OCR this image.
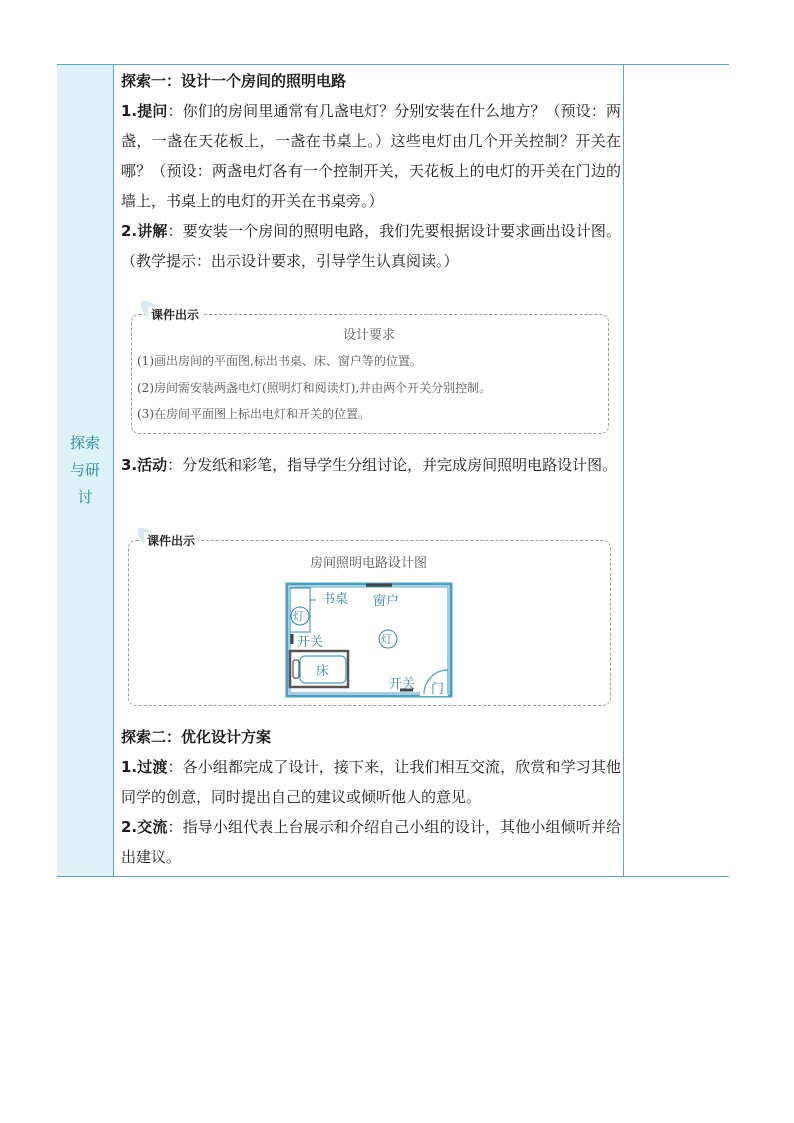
探索
与研
讨

探索一：设计一个房间的照明电路

1.提问：你们的房间里通常有几盏电灯？分别安装在什么地方？（预设：两盏，一盏在天花板上，一盏在书桌上。）这些电灯由几个开关控制？开关在哪？（预设：两盏电灯各有一个控制开关，天花板上的电灯的开关在门边的墙上，书桌上的电灯的开关在书桌旁。）

2.讲解：要安装一个房间的照明电路，我们先要根据设计要求画出设计图。（教学提示：出示设计要求，引导学生认真阅读。）

课件出示
设计要求
(1)画出房间的平面图,标出书桌、床、窗户等的位置。
(2)房间需安装两盏电灯(照明灯和阅读灯),并由两个开关分别控制。
(3)在房间平面图上标出电灯和开关的位置。

3.活动：分发纸和彩笔，指导学生分组讨论，并完成房间照明电路设计图。

课件出示
房间照明电路设计图
书桌 窗户
灯
灯
开关
床
开关 门

探索二：优化设计方案

1.过渡：各小组都完成了设计，接下来，让我们相互交流，欣赏和学习其他同学的创意，同时提出自己的建议或倾听他人的意见。

2.交流：指导小组代表上台展示和介绍自己小组的设计，其他小组倾听并给出建议。
